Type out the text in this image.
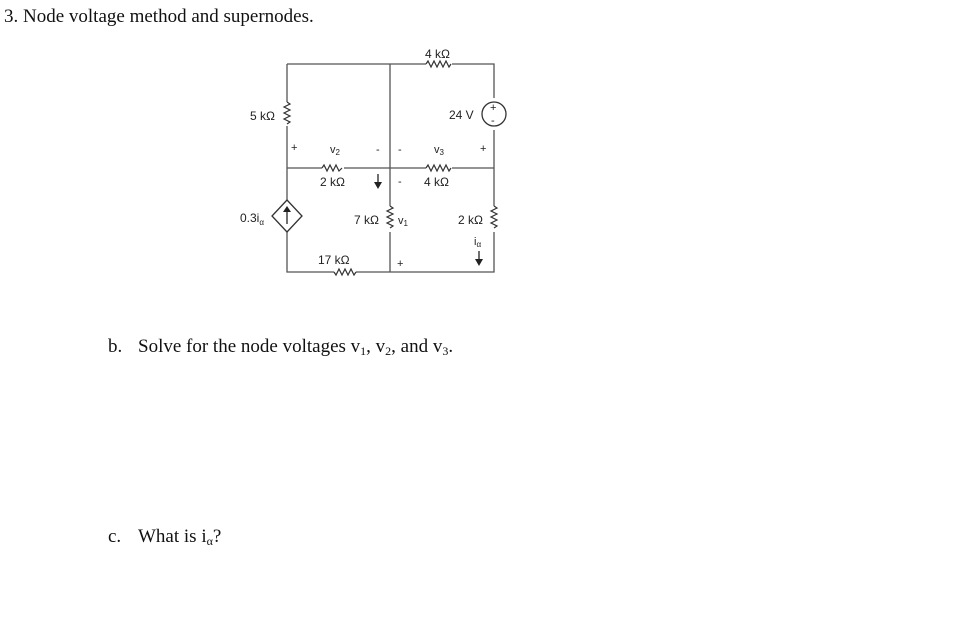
3. Node voltage method and supernodes.
+
-
4 kΩ
5 kΩ	24 V
+	v2	- -	v3	+
2 kΩ	- 4 kΩ
$0.3i_\alpha$	7 kΩ v1	2 kΩ
iα
17 kΩ	+
b. Solve for the node voltages $v_1$, $v_2$, and $v_3$.
c. What is $i_\alpha$?
